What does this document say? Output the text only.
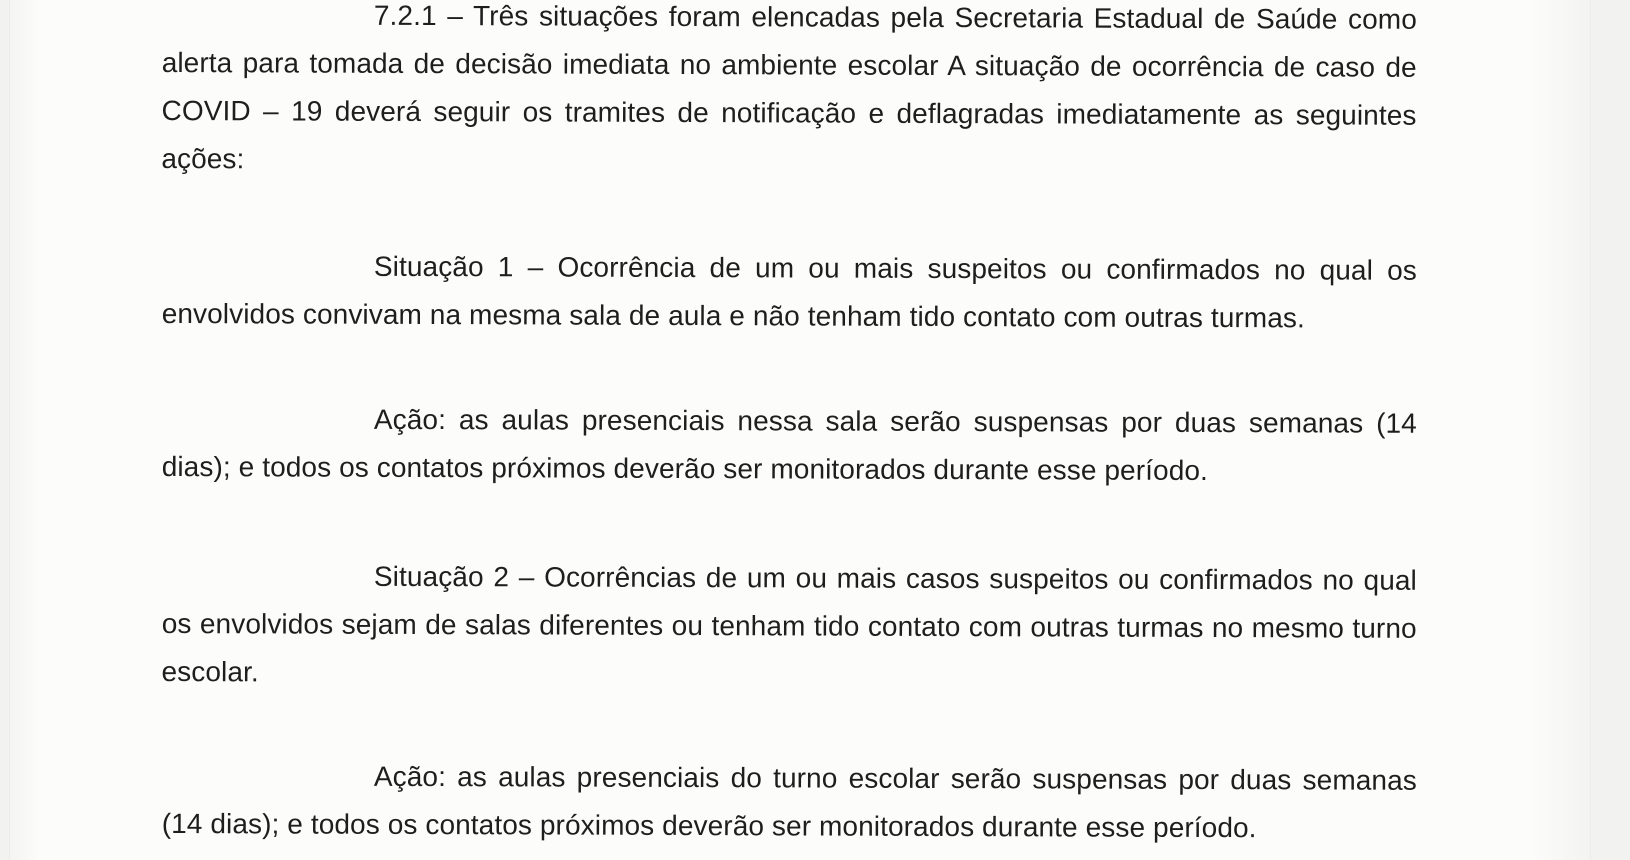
7.2.1 – Três situações foram elencadas pela Secretaria Estadual de Saúde como alerta para tomada de decisão imediata no ambiente escolar A situação de ocorrência de caso de COVID – 19 deverá seguir os tramites de notificação e deflagradas imediatamente as seguintes ações:

Situação 1 – Ocorrência de um ou mais suspeitos ou confirmados no qual os envolvidos convivam na mesma sala de aula e não tenham tido contato com outras turmas.

Ação: as aulas presenciais nessa sala serão suspensas por duas semanas (14 dias); e todos os contatos próximos deverão ser monitorados durante esse período.

Situação 2 – Ocorrências de um ou mais casos suspeitos ou confirmados no qual os envolvidos sejam de salas diferentes ou tenham tido contato com outras turmas no mesmo turno escolar.

Ação: as aulas presenciais do turno escolar serão suspensas por duas semanas (14 dias); e todos os contatos próximos deverão ser monitorados durante esse período.
